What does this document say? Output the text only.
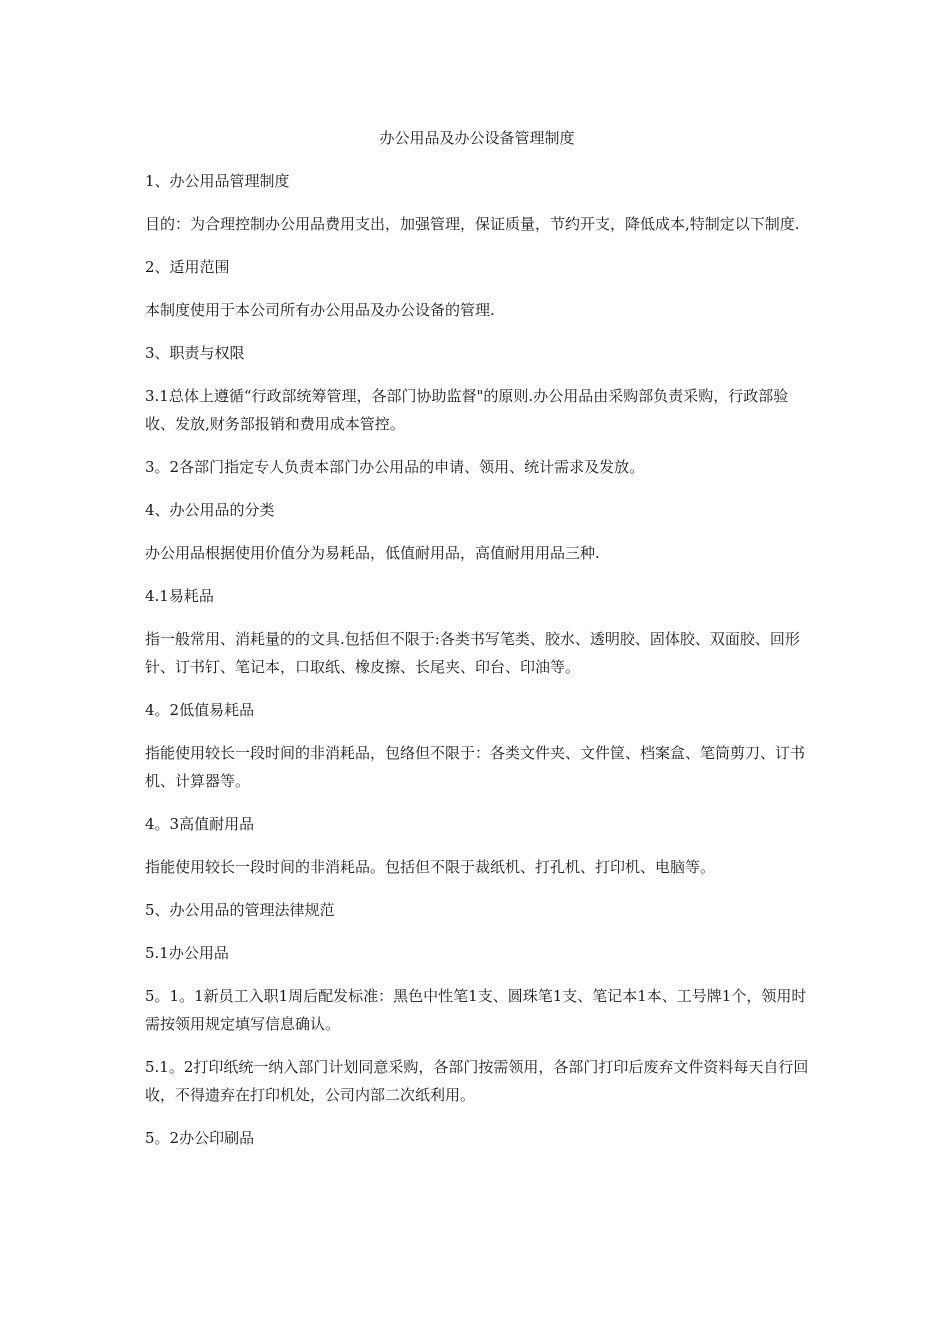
办公用品及办公设备管理制度

1、办公用品管理制度

目的：为合理控制办公用品费用支出，加强管理，保证质量，节约开支，降低成本,特制定以下制度.

2、适用范围

本制度使用于本公司所有办公用品及办公设备的管理.

3、职责与权限

3.1总体上遵循“行政部统筹管理，各部门协助监督"的原则.办公用品由采购部负责采购，行政部验收、发放,财务部报销和费用成本管控。

3。2各部门指定专人负责本部门办公用品的申请、领用、统计需求及发放。

4、办公用品的分类

办公用品根据使用价值分为易耗品，低值耐用品，高值耐用用品三种.

4.1易耗品

指一般常用、消耗量的的文具.包括但不限于:各类书写笔类、胶水、透明胶、固体胶、双面胶、回形针、订书钉、笔记本，口取纸、橡皮擦、长尾夹、印台、印油等。

4。2低值易耗品

指能使用较长一段时间的非消耗品，包络但不限于：各类文件夹、文件筐、档案盒、笔筒剪刀、订书机、计算器等。

4。3高值耐用品

指能使用较长一段时间的非消耗品。包括但不限于裁纸机、打孔机、打印机、电脑等。

5、办公用品的管理法律规范

5.1办公用品

5。1。1新员工入职1周后配发标准：黑色中性笔1支、圆珠笔1支、笔记本1本、工号牌1个，领用时需按领用规定填写信息确认。

5.1。2打印纸统一纳入部门计划同意采购，各部门按需领用，各部门打印后废弃文件资料每天自行回收，不得遗弃在打印机处，公司内部二次纸利用。

5。2办公印刷品
